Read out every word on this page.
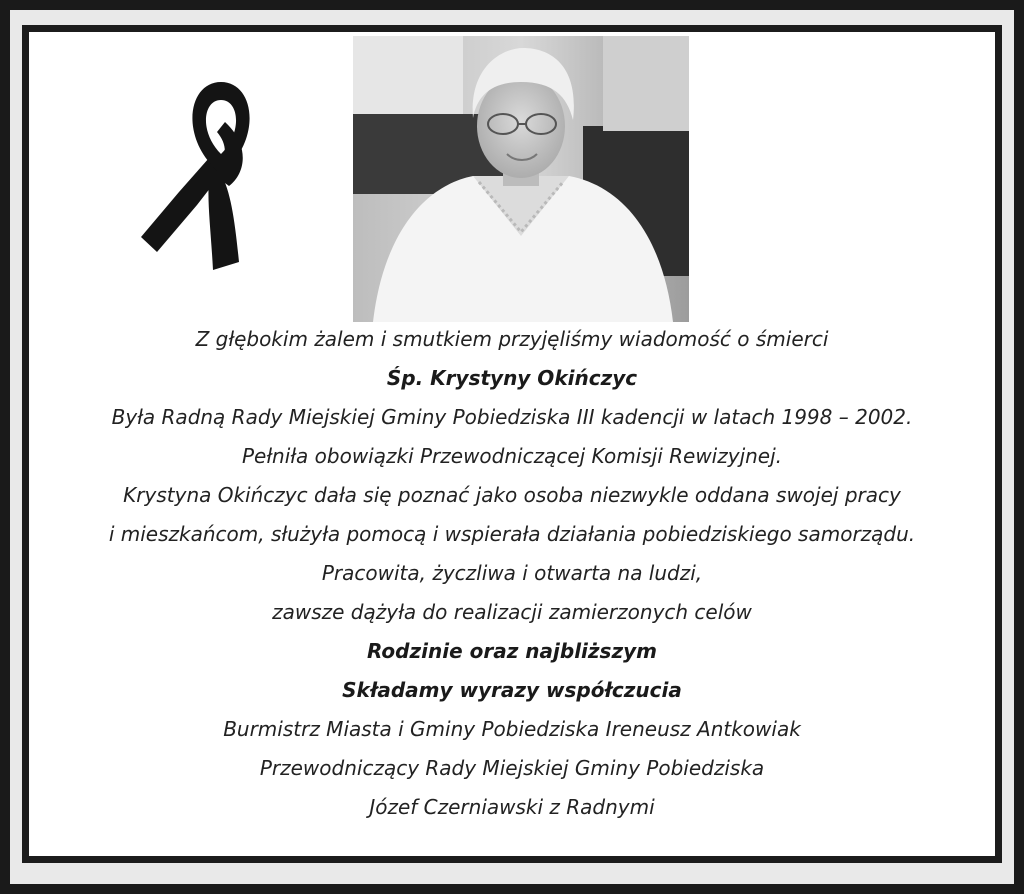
Z głębokim żalem i smutkiem przyjęliśmy wiadomość o śmierci
Śp. Krystyny Okińczyc
Była Radną Rady Miejskiej Gminy Pobiedziska III kadencji w latach 1998 – 2002.
Pełniła obowiązki Przewodniczącej Komisji Rewizyjnej.
Krystyna Okińczyc dała się poznać jako osoba niezwykle oddana swojej pracy
i mieszkańcom, służyła pomocą i wspierała działania pobiedziskiego samorządu.
Pracowita, życzliwa i otwarta na ludzi,
zawsze dążyła do realizacji zamierzonych celów
Rodzinie oraz najbliższym
Składamy wyrazy współczucia
Burmistrz Miasta i Gminy Pobiedziska Ireneusz Antkowiak
Przewodniczący Rady Miejskiej Gminy Pobiedziska
Józef Czerniawski z Radnymi
